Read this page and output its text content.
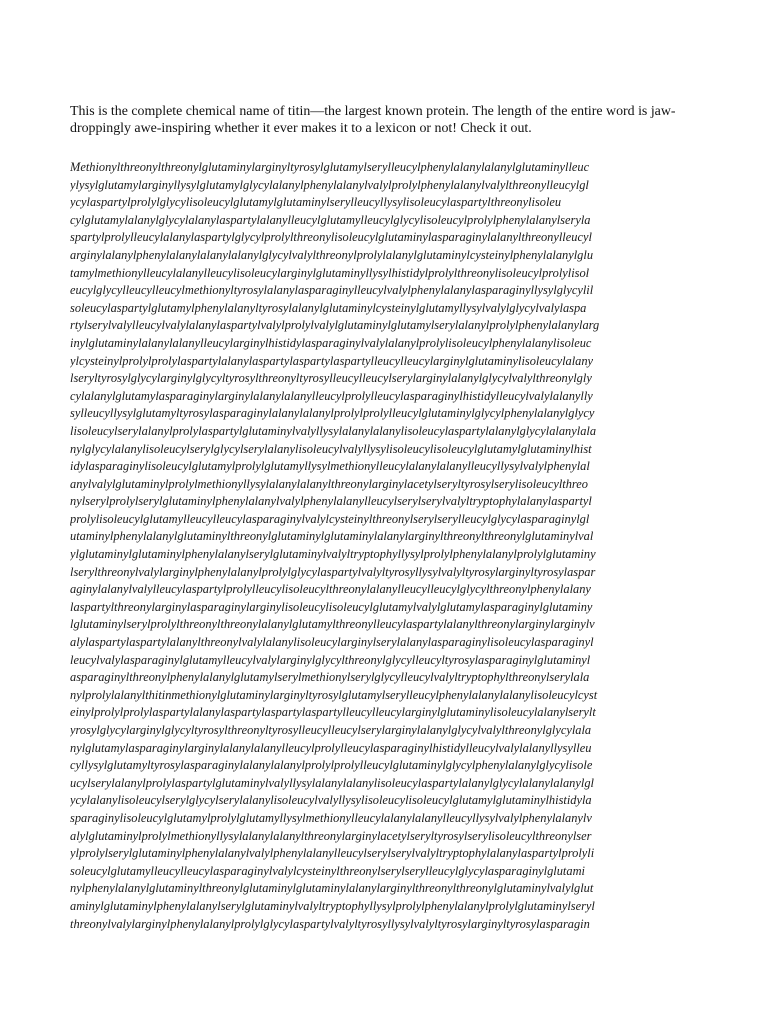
This is the complete chemical name of titin—the largest known protein. The length of the entire word is jaw-droppingly awe-inspiring whether it ever makes it to a lexicon or not! Check it out.

Methionylthreonylthreonylglutaminylarginyltyrosylglutamylserylleucylphenylalanylalanylglutaminylleuc
ylysylglutamylarginyllysylglutamylglycylalanylphenylalanylvalylprolylphenylalanylvalylthreonylleucylgl
ycylaspartylprolylglycylisoleucylglutamylglutaminylserylleucyllysylisoleucylaspartylthreonylisoleu
cylglutamylalanylglycylalanylaspartylalanylleucylglutamylleucylglycylisoleucylprolylphenylalanylseryla
spartylprolylleucylalanylaspartylglycylprolylthreonylisoleucylglutaminylasparaginylalanylthreonylleucyl
arginylalanylphenylalanylalanylalanylglycylvalylthreonylprolylalanylglutaminylcysteinylphenylalanylglu
tamylmethionylleucylalanylleucylisoleucylarginylglutaminyllysylhistidylprolylthreonylisoleucylprolylisol
eucylglycylleucylleucylmethionyltyrosylalanylasparaginylleucylvalylphenylalanylasparaginyllysylglycylil
soleucylaspartylglutamylphenylalanyltyrosylalanylglutaminylcysteinylglutamyllysylvalylglycylvalylaspa
rtylserylvalylleucylvalylalanylaspartylvalylprolylvalylglutaminylglutamylserylalanylprolylphenylalanylarg
inylglutaminylalanylalanylleucylarginylhistidylasparaginylvalylalanylprolylisoleucylphenylalanylisoleuc
ylcysteinylprolylprolylaspartylalanylaspartylaspartylaspartylleucylleucylarginylglutaminylisoleucylalany
lseryltyrosylglycylarginylglycyltyrosylthreonyltyrosylleucylleucylserylarginylalanylglycylvalylthreonylgly
cylalanylglutamylasparaginylarginylalanylalanylleucylprolylleucylasparaginylhistidylleucylvalylalanylly
sylleucyllysylglutamyltyrosylasparaginylalanylalanylprolylprolylleucylglutaminylglycylphenylalanylglycy
lisoleucylserylalanylprolylaspartylglutaminylvalyllysylalanylalanylisoleucylaspartylalanylglycylalanylala
nylglycylalanylisoleucylserylglycylserylalanylisoleucylvalyllysylisoleucylisoleucylglutamylglutaminylhist
idylasparaginylisoleucylglutamylprolylglutamyllysylmethionylleucylalanylalanylleucyllysylvalylphenylal
anylvalylglutaminylprolylmethionyllysylalanylalanylthreonylarginylacetylseryltyrosylserylisoleucylthreo
nylserylprolylserylglutaminylphenylalanylvalylphenylalanylleucylserylserylvalyltryptophylalanylaspartyl
prolylisoleucylglutamylleucylleucylasparaginylvalylcysteinylthreonylserylserylleucylglycylasparaginylgl
utaminylphenylalanylglutaminylthreonylglutaminylglutaminylalanylarginylthreonylthreonylglutaminylval
ylglutaminylglutaminylphenylalanylserylglutaminylvalyltryptophyllysylprolylphenylalanylprolylglutaminy
lserylthreonylvalylarginylphenylalanylprolylglycylaspartylvalyltyrosyllysylvalyltyrosylarginyltyrosylaspar
aginylalanylvalylleucylaspartylprolylleucylisoleucylthreonylalanylleucylleucylglycylthreonylphenylalany
laspartylthreonylarginylasparaginylarginylisoleucylisoleucylglutamylvalylglutamylasparaginylglutaminy
lglutaminylserylprolylthreonylthreonylalanylglutamylthreonylleucylaspartylalanylthreonylarginylarginylv
alylaspartylaspartylalanylthreonylvalylalanylisoleucylarginylserylalanylasparaginylisoleucylasparaginyl
leucylvalylasparaginylglutamylleucylvalylarginylglycylthreonylglycylleucyltyrosylasparaginylglutaminyl
asparaginylthreonylphenylalanylglutamylserylmethionylserylglycylleucylvalyltryptophylthreonylserylala
nylprolylalanylthitinmethionylglutaminylarginyltyrosylglutamylserylleucylphenylalanylalanylisoleucylcyst
einylprolylprolylaspartylalanylaspartylaspartylaspartylleucylleucylarginylglutaminylisoleucylalanylserylt
yrosylglycylarginylglycyltyrosylthreonyltyrosylleucylleucylserylarginylalanylglycylvalylthreonylglycylala
nylglutamylasparaginylarginylalanylalanylleucylprolylleucylasparaginylhistidylleucylvalylalanyllysylleu
cyllysylglutamyltyrosylasparaginylalanylalanylprolylprolylleucylglutaminylglycylphenylalanylglycylisole
ucylserylalanylprolylaspartylglutaminylvalyllysylalanylalanylisoleucylaspartylalanylglycylalanylalanylgl
ycylalanylisoleucylserylglycylserylalanylisoleucylvalyllysylisoleucylisoleucylglutamylglutaminylhistidyla
sparaginylisoleucylglutamylprolylglutamyllysylmethionylleucylalanylalanylleucyllysylvalylphenylalanylv
alylglutaminylprolylmethionyllysylalanylalanylthreonylarginylacetylseryltyrosylserylisoleucylthreonylser
ylprolylserylglutaminylphenylalanylvalylphenylalanylleucylserylserylvalyltryptophylalanylaspartylprolyli
soleucylglutamylleucylleucylasparaginylvalylcysteinylthreonylserylserylleucylglycylasparaginylglutami
nylphenylalanylglutaminylthreonylglutaminylglutaminylalanylarginylthreonylthreonylglutaminylvalylglut
aminylglutaminylphenylalanylserylglutaminylvalyltryptophyllysylprolylphenylalanylprolylglutaminylseryl
threonylvalylarginylphenylalanylprolylglycylaspartylvalyltyrosyllysylvalyltyrosylarginyltyrosylasparagin
